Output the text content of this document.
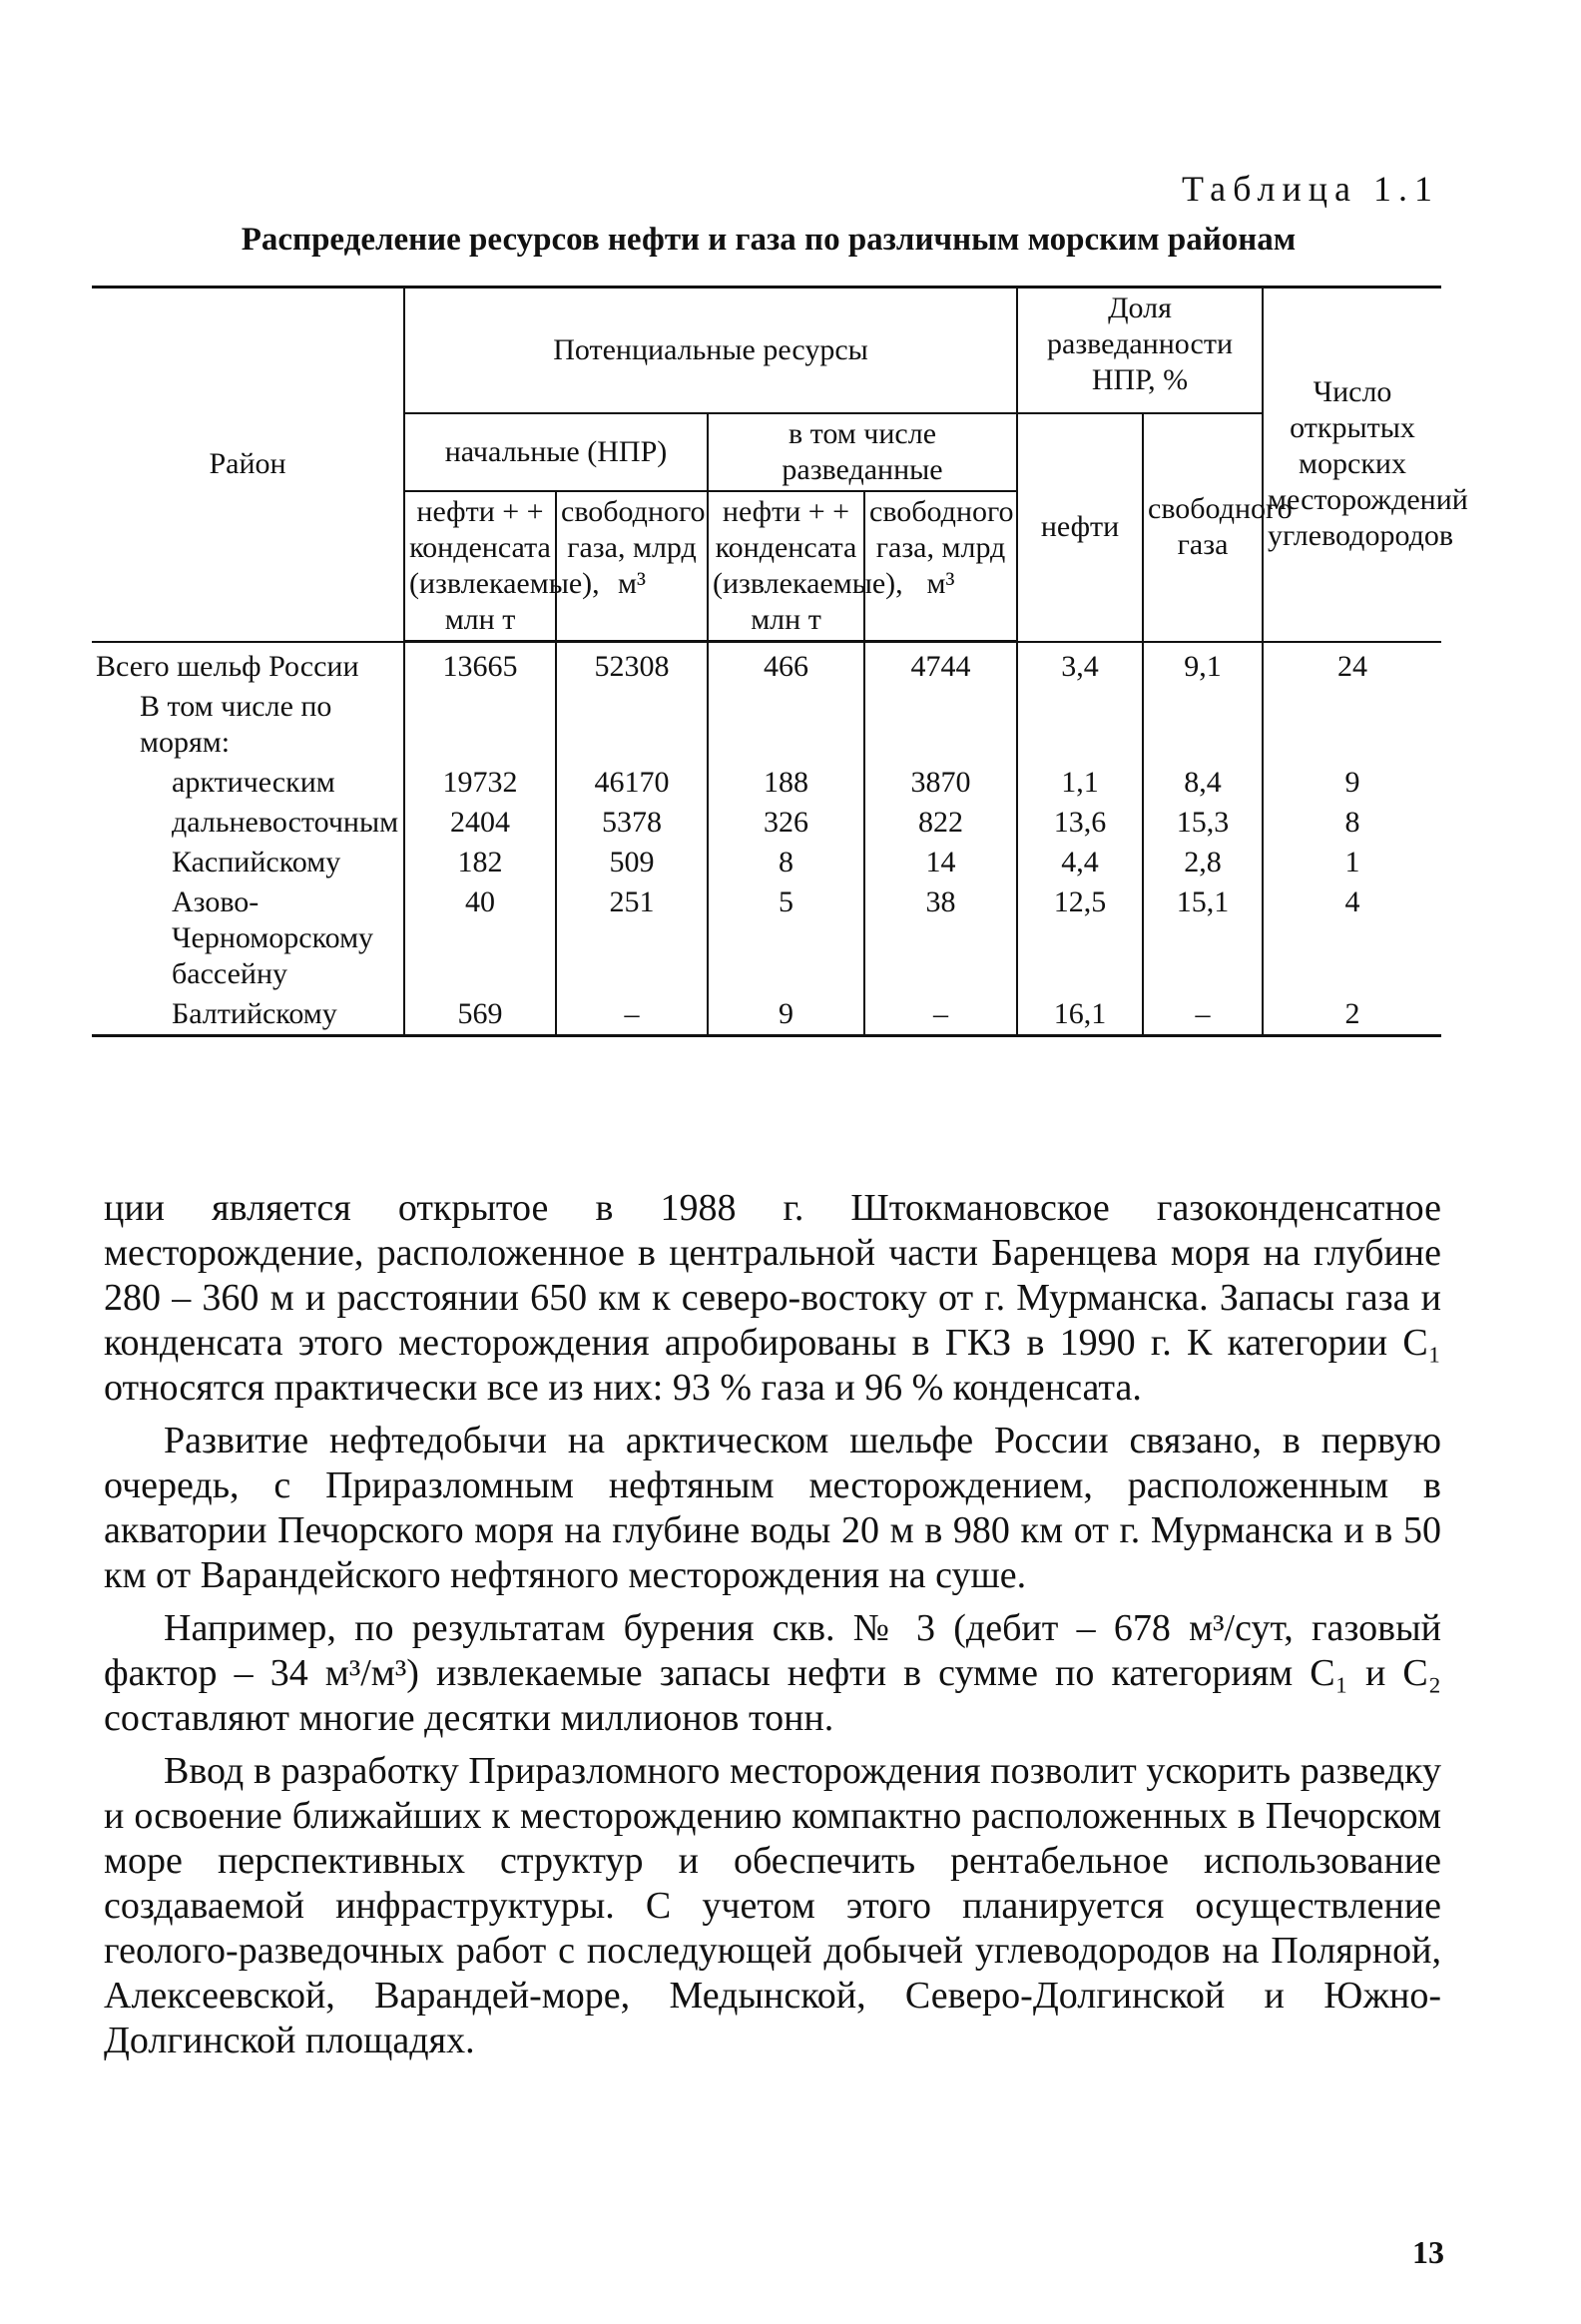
Таблица 1.1
Распределение ресурсов нефти и газа по различным морским районам
Район	Потенциальные ресурсы				Доля разведанности НПР, %		Число открытых морских месторождений углеводородов
	начальные (НПР)		в том числе разведанные		нефти	свободного газа	
	нефти + + конденсата (извлекаемые), млн т	свободного газа, млрд м³	нефти + + конденсата (извлекаемые), млн т	свободного газа, млрд м³			
Всего шельф России	13665	52308	466	4744	3,4	9,1	24
В том числе по морям:							
арктическим	19732	46170	188	3870	1,1	8,4	9
дальневосточным	2404	5378	326	822	13,6	15,3	8
Каспийскому	182	509	8	14	4,4	2,8	1
Азово-Черноморскому бассейну	40	251	5	38	12,5	15,1	4
Балтийскому	569	–	9	–	16,1	–	2

ции является открытое в 1988 г. Штокмановское газоконденсатное месторождение, расположенное в центральной части Баренцева моря на глубине 280 – 360 м и расстоянии 650 км к северо-востоку от г. Мурманска. Запасы газа и конденсата этого месторождения апробированы в ГКЗ в 1990 г. К категории C₁ относятся практически все из них: 93 % газа и 96 % конденсата.

Развитие нефтедобычи на арктическом шельфе России связано, в первую очередь, с Приразломным нефтяным месторождением, расположенным в акватории Печорского моря на глубине воды 20 м в 980 км от г. Мурманска и в 50 км от Варандейского нефтяного месторождения на суше.

Например, по результатам бурения скв. № 3 (дебит – 678 м³/сут, газовый фактор – 34 м³/м³) извлекаемые запасы нефти в сумме по категориям C₁ и C₂ составляют многие десятки миллионов тонн.

Ввод в разработку Приразломного месторождения позволит ускорить разведку и освоение ближайших к месторождению компактно расположенных в Печорском море перспективных структур и обеспечить рентабельное использование создаваемой инфраструктуры. С учетом этого планируется осуществление геолого-разведочных работ с последующей добычей углеводородов на Полярной, Алексеевской, Варандей-море, Медынской, Северо-Долгинской и Южно-Долгинской площадях.

13
